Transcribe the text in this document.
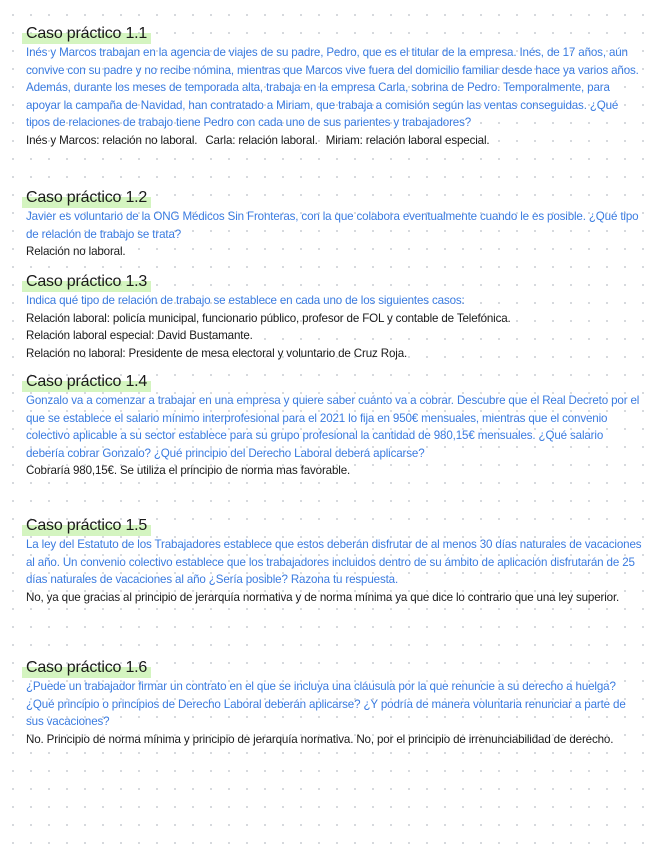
Caso práctico 1.1
Inés y Marcos trabajan en la agencia de viajes de su padre, Pedro, que es el titular de la empresa. Inés, de 17 años, aún convive con su padre y no recibe nómina, mientras que Marcos vive fuera del domicilio familiar desde hace ya varios años. Además, durante los meses de temporada alta, trabaja en la empresa Carla, sobrina de Pedro. Temporalmente, para apoyar la campaña de Navidad, han contratado a Miriam, que trabaja a comisión según las ventas conseguidas. ¿Qué tipos de relaciones de trabajo tiene Pedro con cada uno de sus parientes y trabajadores?
Inés y Marcos: relación no laboral. Carla: relación laboral. Miriam: relación laboral especial.
Caso práctico 1.2
Javier es voluntario de la ONG Médicos Sin Fronteras, con la que colabora eventualmente cuando le es posible. ¿Qué tipo de relación de trabajo se trata?
Relación no laboral.
Caso práctico 1.3
Indica qué tipo de relación de trabajo se establece en cada uno de los siguientes casos:
Relación laboral: policía municipal, funcionario público, profesor de FOL y contable de Telefónica.
Relación laboral especial: David Bustamante.
Relación no laboral: Presidente de mesa electoral y voluntario de Cruz Roja.
Caso práctico 1.4
Gonzalo va a comenzar a trabajar en una empresa y quiere saber cuánto va a cobrar. Descubre que el Real Decreto por el que se establece el salario mínimo interprofesional para el 2021 lo fija en 950€ mensuales, mientras que el convenio colectivo aplicable a su sector establece para su grupo profesional la cantidad de 980,15€ mensuales. ¿Qué salario debería cobrar Gonzalo? ¿Qué principio del Derecho Laboral deberá aplicarse?
Cobraría 980,15€. Se utiliza el principio de norma mas favorable.
Caso práctico 1.5
La ley del Estatuto de los Trabajadores establece que estos deberán disfrutar de al menos 30 días naturales de vacaciones al año. Un convenio colectivo establece que los trabajadores incluidos dentro de su ámbito de aplicación disfrutarán de 25 días naturales de vacaciones al año ¿Sería posible? Razona tu respuesta.
No, ya que gracias al principio de jerarquía normativa y de norma mínima ya que dice lo contrario que una ley superior.
Caso práctico 1.6
¿Puede un trabajador firmar un contrato en el que se incluya una cláusula por la que renuncie a su derecho a huelga? ¿Qué principio o principios de Derecho Laboral deberán aplicarse? ¿Y podría de manera voluntaria renunciar a parte de sus vacaciones?
No. Principio de norma mínima y principio de jerarquía normativa. No, por el principio de irrenunciabilidad de derecho.
